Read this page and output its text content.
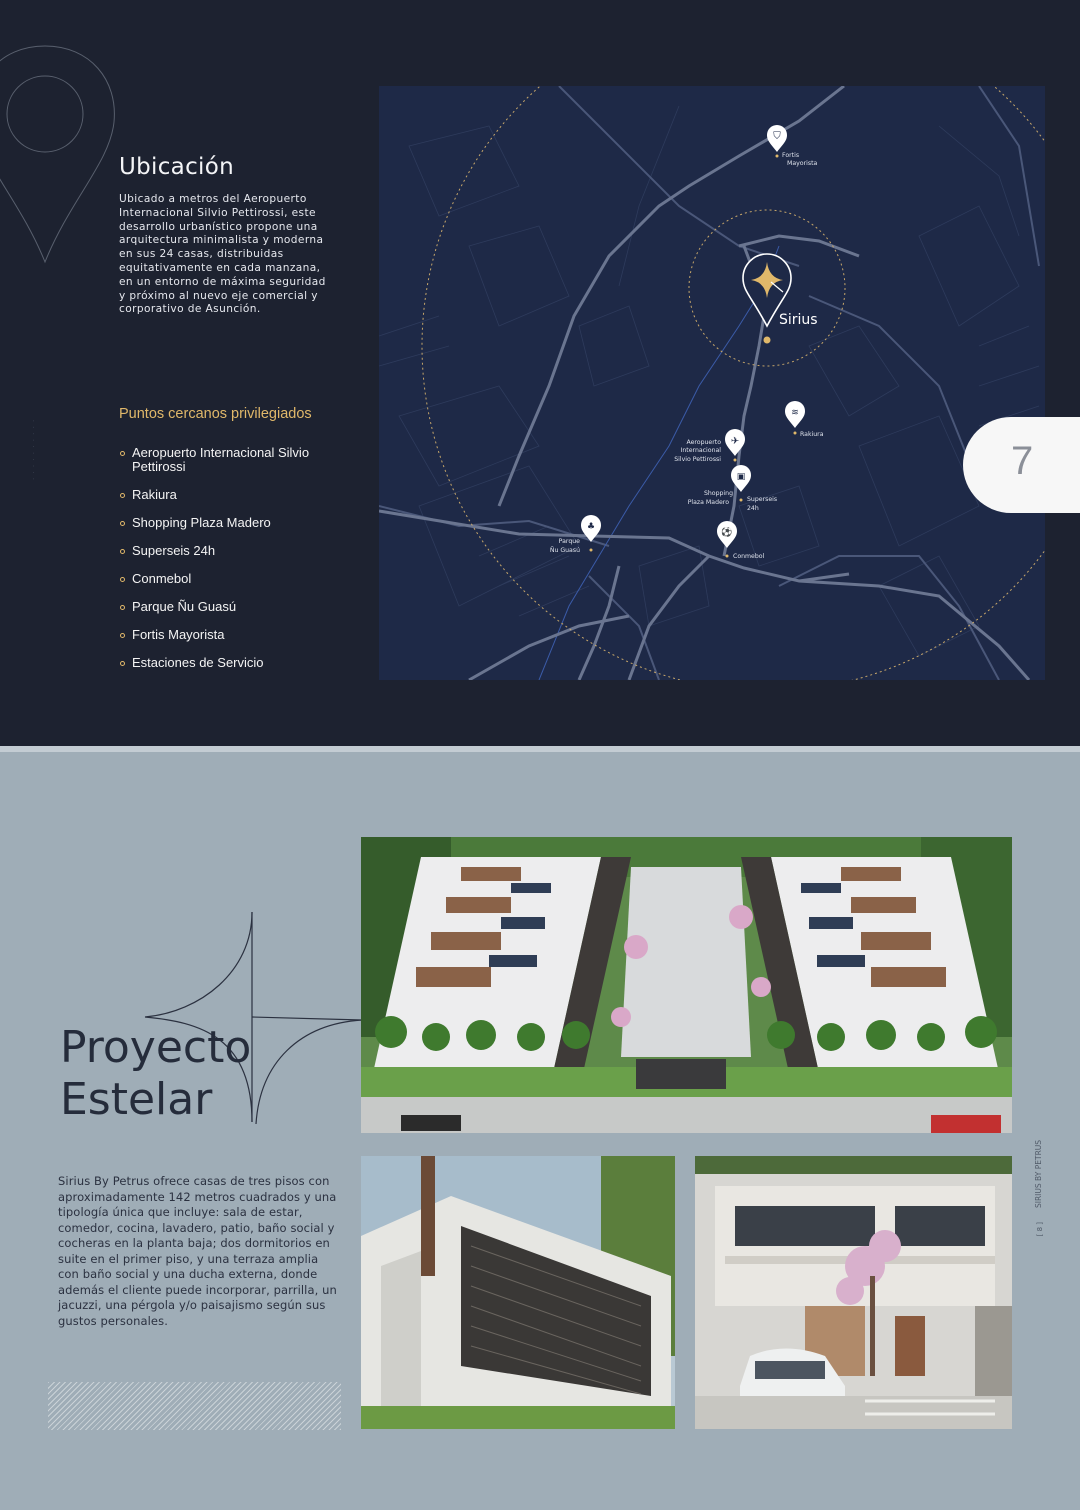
· · · · · · · · · ·
Ubicación

Ubicado a metros del Aeropuerto Internacional Silvio Pettirossi, este desarrollo urbanístico propone una arquitectura minimalista y moderna en sus 24 casas, distribuidas equitativamente en cada manzana, en un entorno de máxima seguridad y próximo al nuevo eje comercial y corporativo de Asunción.

Puntos cercanos privilegiados
Aeropuerto Internacional Silvio Pettirossi
Rakiura
Shopping Plaza Madero
Superseis 24h
Conmebol
Parque Ñu Guasú
Fortis Mayorista
Estaciones de Servicio
Sirius
⛉
Fortis
Mayorista
≋
Rakiura
✈
Aeropuerto
Internacional
Silvio Pettirossi
▣
Shopping
Plaza Madero	Superseis
24h
⚽
Conmebol
♣
Parque
Ñu Guasú
7
Proyecto
Estelar

Sirius By Petrus ofrece casas de tres pisos con aproximadamente 142 metros cuadrados y una tipología única que incluye: sala de estar, comedor, cocina, lavadero, patio, baño social y cocheras en la planta baja; dos dormitorios en suite en el primer piso, y una terraza amplia con baño social y una ducha externa, donde además el cliente puede incorporar, parrilla, un jacuzzi, una pérgola y/o paisajismo según sus gustos personales.

SIRIUS BY PETRUS
[ 8 ]
